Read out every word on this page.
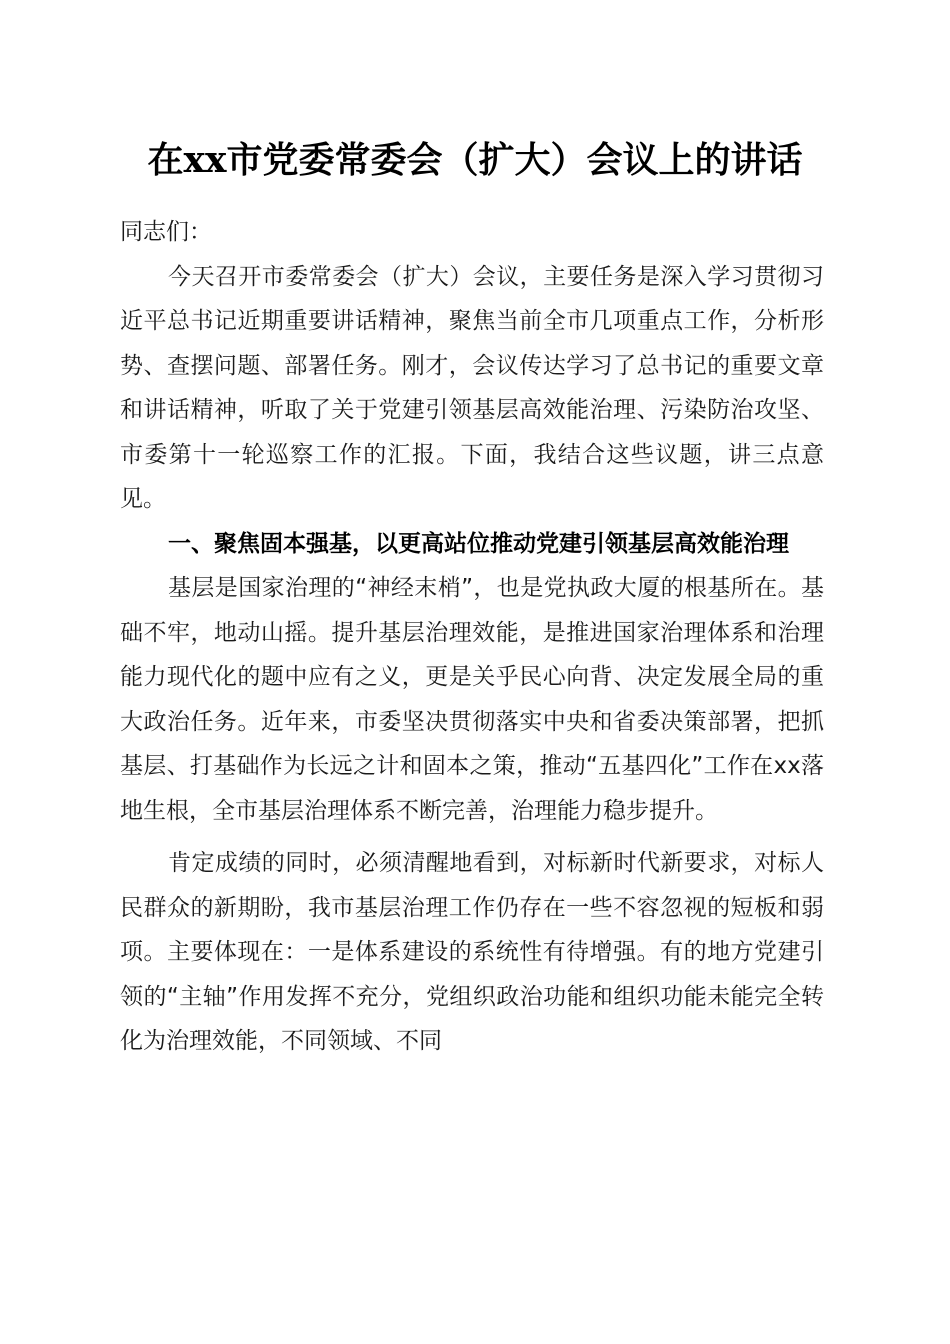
在xx市党委常委会（扩大）会议上的讲话

同志们：

今天召开市委常委会（扩大）会议，主要任务是深入学习贯彻习近平总书记近期重要讲话精神，聚焦当前全市几项重点工作，分析形势、查摆问题、部署任务。刚才，会议传达学习了总书记的重要文章和讲话精神，听取了关于党建引领基层高效能治理、污染防治攻坚、市委第十一轮巡察工作的汇报。下面，我结合这些议题，讲三点意见。

一、聚焦固本强基，以更高站位推动党建引领基层高效能治理

基层是国家治理的“神经末梢”，也是党执政大厦的根基所在。基础不牢，地动山摇。提升基层治理效能，是推进国家治理体系和治理能力现代化的题中应有之义，更是关乎民心向背、决定发展全局的重大政治任务。近年来，市委坚决贯彻落实中央和省委决策部署，把抓基层、打基础作为长远之计和固本之策，推动“五基四化”工作在xx落地生根，全市基层治理体系不断完善，治理能力稳步提升。

肯定成绩的同时，必须清醒地看到，对标新时代新要求，对标人民群众的新期盼，我市基层治理工作仍存在一些不容忽视的短板和弱项。主要体现在：一是体系建设的系统性有待增强。有的地方党建引领的“主轴”作用发挥不充分，党组织政治功能和组织功能未能完全转化为治理效能，不同领域、不同
